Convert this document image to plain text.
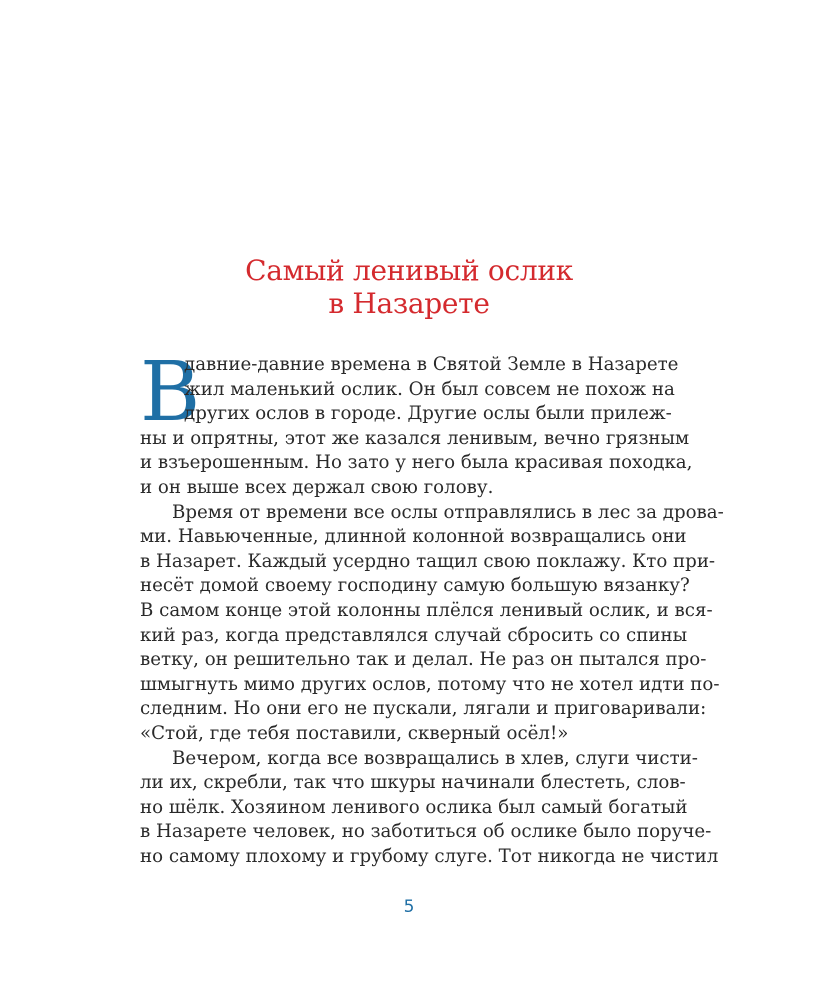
Самый ленивый ослик
в Назарете
В
давние-давние времена в Святой Земле в Назарете
жил маленький ослик. Он был совсем не похож на
других ослов в городе. Другие ослы были прилеж-
ны и опрятны, этот же казался ленивым, вечно грязным
и взъерошенным. Но зато у него была красивая походка,
и он выше всех держал свою голову.
Время от времени все ослы отправлялись в лес за дрова-
ми. Навьюченные, длинной колонной возвращались они
в Назарет. Каждый усердно тащил свою поклажу. Кто при-
несёт домой своему господину самую большую вязанку?
В самом конце этой колонны плёлся ленивый ослик, и вся-
кий раз, когда представлялся случай сбросить со спины
ветку, он решительно так и делал. Не раз он пытался про-
шмыгнуть мимо других ослов, потому что не хотел идти по-
следним. Но они его не пускали, лягали и приговаривали:
«Стой, где тебя поставили, скверный осёл!»
Вечером, когда все возвращались в хлев, слуги чисти-
ли их, скребли, так что шкуры начинали блестеть, слов-
но шёлк. Хозяином ленивого ослика был самый богатый
в Назарете человек, но заботиться об ослике было поруче-
но самому плохому и грубому слуге. Тот никогда не чистил
5
